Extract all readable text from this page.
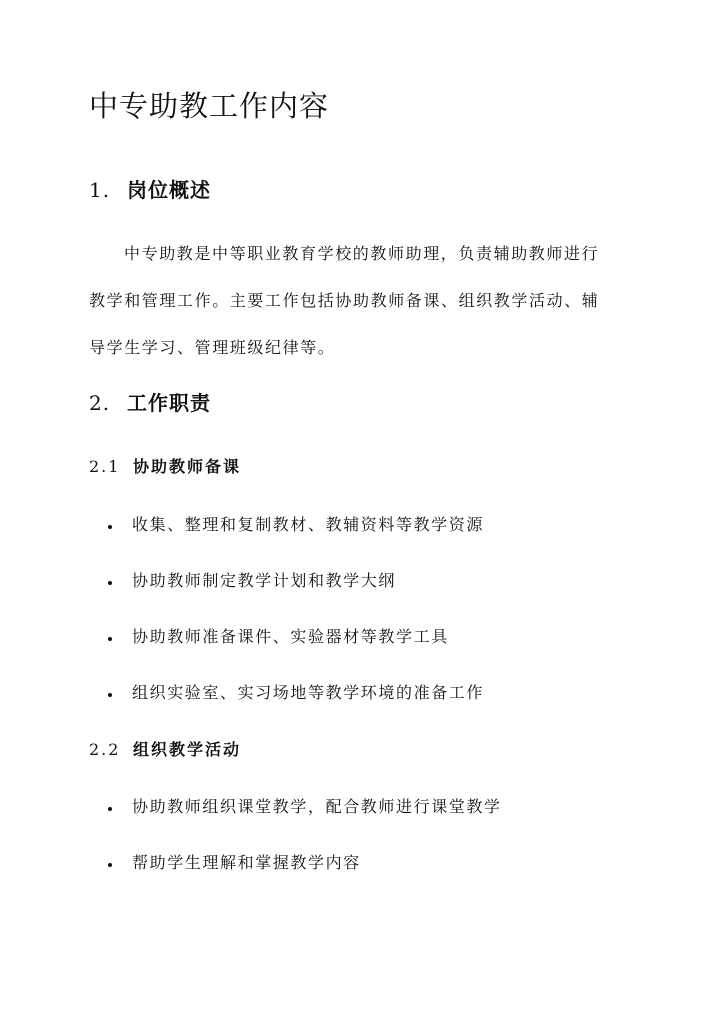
中专助教工作内容
1. 岗位概述

中专助教是中等职业教育学校的教师助理，负责辅助教师进行

教学和管理工作。主要工作包括协助教师备课、组织教学活动、辅

导学生学习、管理班级纪律等。

2. 工作职责
2.1 协助教师备课
收集、整理和复制教材、教辅资料等教学资源
协助教师制定教学计划和教学大纲
协助教师准备课件、实验器材等教学工具
组织实验室、实习场地等教学环境的准备工作
2.2 组织教学活动
协助教师组织课堂教学，配合教师进行课堂教学
帮助学生理解和掌握教学内容
